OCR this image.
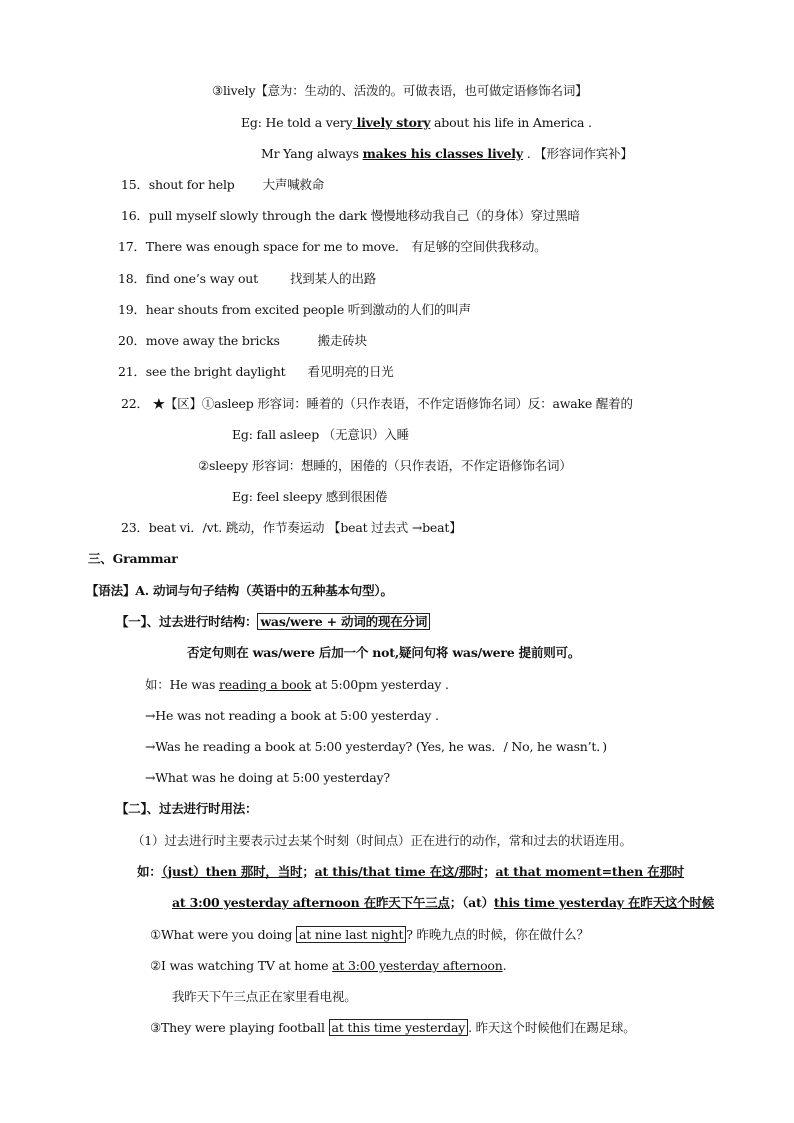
③lively【意为：生动的、活泼的。可做表语，也可做定语修饰名词】
Eg: He told a very lively story about his life in America .
Mr Yang always makes his classes lively . 【形容词作宾补】
15．shout for help 大声喊救命
16．pull myself slowly through the dark 慢慢地移动我自己（的身体）穿过黑暗
17．There was enough space for me to move． 有足够的空间供我移动。
18．find one’s way out	找到某人的出路
19．hear shouts from excited people 听到激动的人们的叫声
20．move away the bricks	搬走砖块
21．see the bright daylight 看见明亮的日光
22． ★【区】①asleep 形容词：睡着的（只作表语，不作定语修饰名词）反：awake 醒着的
Eg: fall asleep （无意识）入睡
②sleepy 形容词：想睡的，困倦的（只作表语，不作定语修饰名词）
Eg: feel sleepy 感到很困倦
23．beat vi．/vt. 跳动，作节奏运动 【beat 过去式 →beat】
三、Grammar
【语法】A. 动词与句子结构（英语中的五种基本句型）。
【一】、过去进行时结构： was/were + 动词的现在分词
否定句则在 was/were 后加一个 not,疑问句将 was/were 提前则可。
如：He was reading a book at 5:00pm yesterday .
→He was not reading a book at 5:00 yesterday .
→Was he reading a book at 5:00 yesterday? (Yes, he was．/ No, he wasn’t．)
→What was he doing at 5:00 yesterday?
【二】、过去进行时用法：
（1）过去进行时主要表示过去某个时刻（时间点）正在进行的动作，常和过去的状语连用。
如：（just）then 那时，当时；at this/that time 在这/那时；at that moment=then 在那时
at 3:00 yesterday afternoon 在昨天下午三点；（at）this time yesterday 在昨天这个时候
①What were you doing at nine last night ? 昨晚九点的时候，你在做什么？
②I was watching TV at home at 3:00 yesterday afternoon.
我昨天下午三点正在家里看电视。
③They were playing football at this time yesterday . 昨天这个时候他们在踢足球。
